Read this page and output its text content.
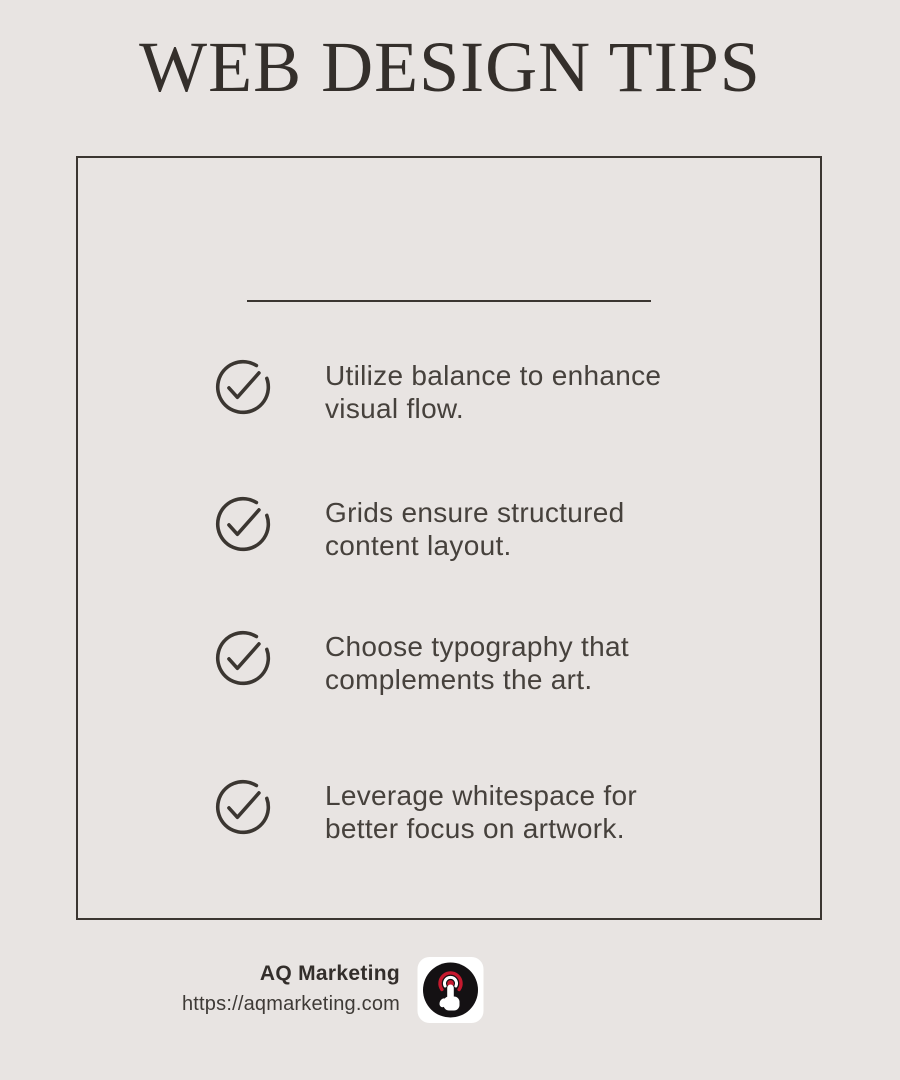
WEB DESIGN TIPS
Utilize balance to enhance
visual flow.
Grids ensure structured
content layout.
Choose typography that
complements the art.
Leverage whitespace for
better focus on artwork.
AQ Marketing
https://aqmarketing.com
